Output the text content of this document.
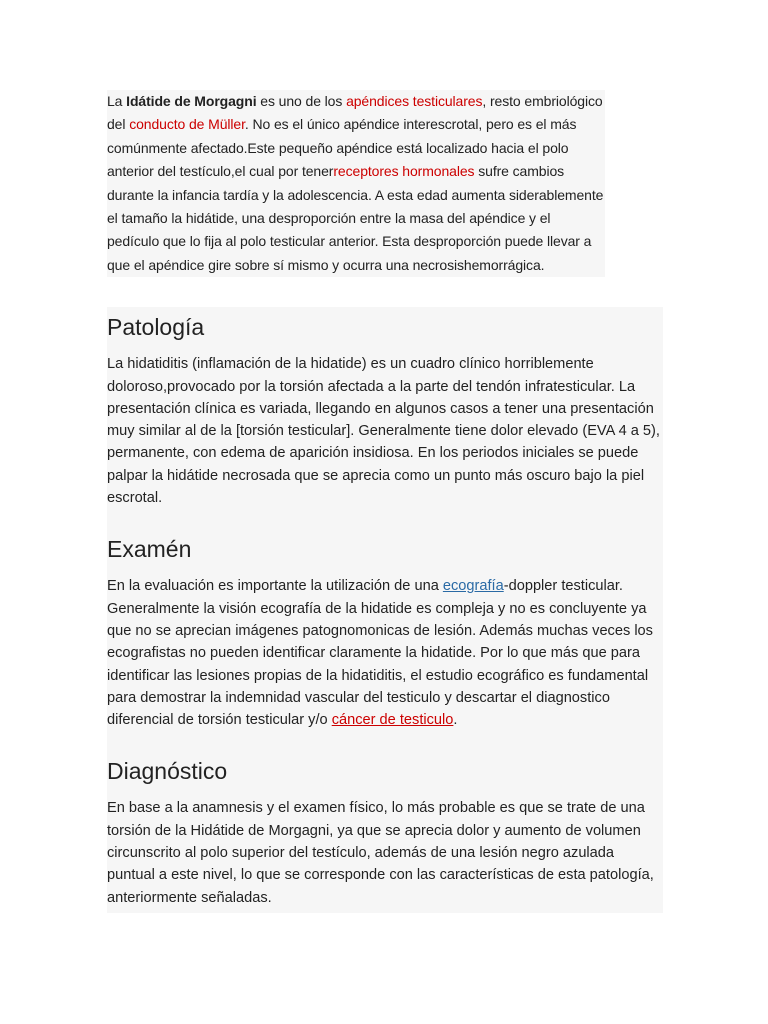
La Idátide de Morgagni es uno de los apéndices testiculares, resto embriológico del conducto de Müller. No es el único apéndice interescrotal, pero es el más comúnmente afectado.Este pequeño apéndice está localizado hacia el polo anterior del testículo,el cual por tenerreceptores hormonales sufre cambios durante la infancia tardía y la adolescencia. A esta edad aumenta siderablemente el tamaño la hidátide, una desproporción entre la masa del apéndice y el pedículo que lo fija al polo testicular anterior. Esta desproporción puede llevar a que el apéndice gire sobre sí mismo y ocurra una necrosishemorrágica.
Patología

La hidatiditis (inflamación de la hidatide) es un cuadro clínico horriblemente doloroso,provocado por la torsión afectada a la parte del tendón infratesticular. La presentación clínica es variada, llegando en algunos casos a tener una presentación muy similar al de la [torsión testicular]. Generalmente tiene dolor elevado (EVA 4 a 5), permanente, con edema de aparición insidiosa. En los periodos iniciales se puede palpar la hidátide necrosada que se aprecia como un punto más oscuro bajo la piel escrotal.

Examén

En la evaluación es importante la utilización de una ecografía-doppler testicular. Generalmente la visión ecografía de la hidatide es compleja y no es concluyente ya que no se aprecian imágenes patognomonicas de lesión. Además muchas veces los ecografistas no pueden identificar claramente la hidatide. Por lo que más que para identificar las lesiones propias de la hidatiditis, el estudio ecográfico es fundamental para demostrar la indemnidad vascular del testiculo y descartar el diagnostico diferencial de torsión testicular y/o cáncer de testiculo.

Diagnóstico

En base a la anamnesis y el examen físico, lo más probable es que se trate de una torsión de la Hidátide de Morgagni, ya que se aprecia dolor y aumento de volumen circunscrito al polo superior del testículo, además de una lesión negro azulada puntual a este nivel, lo que se corresponde con las características de esta patología, anteriormente señaladas.
